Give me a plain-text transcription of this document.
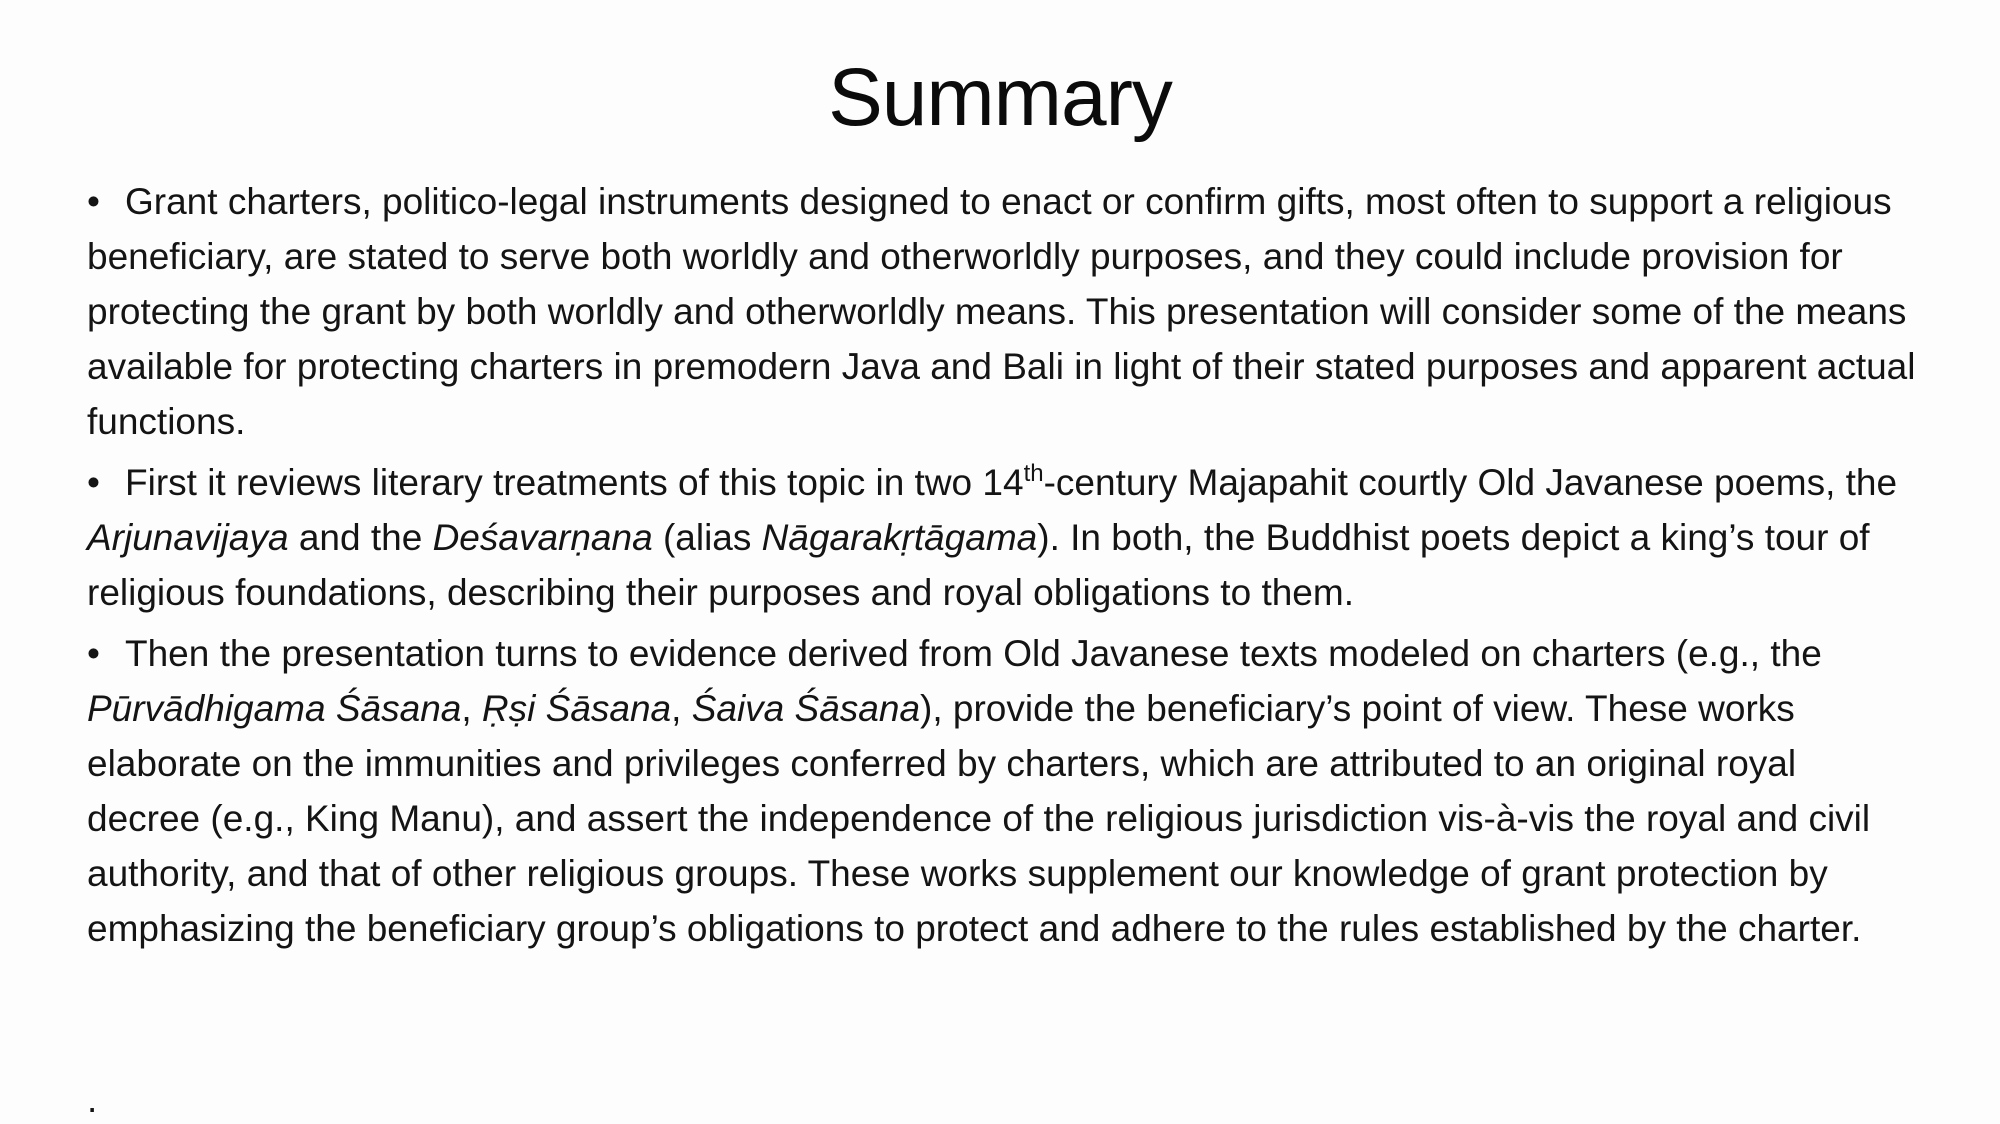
Summary

• Grant charters, politico-legal instruments designed to enact or confirm gifts, most often to support a religious beneficiary, are stated to serve both worldly and otherworldly purposes, and they could include provision for protecting the grant by both worldly and otherworldly means. This presentation will consider some of the means available for protecting charters in premodern Java and Bali in light of their stated purposes and apparent actual functions.

• First it reviews literary treatments of this topic in two 14th-century Majapahit courtly Old Javanese poems, the Arjunavijaya and the Deśavarṇana (alias Nāgarakṛtāgama). In both, the Buddhist poets depict a king’s tour of religious foundations, describing their purposes and royal obligations to them.

• Then the presentation turns to evidence derived from Old Javanese texts modeled on charters (e.g., the Pūrvādhigama Śāsana, Ṛṣi Śāsana, Śaiva Śāsana), provide the beneficiary’s point of view. These works elaborate on the immunities and privileges conferred by charters, which are attributed to an original royal decree (e.g., King Manu), and assert the independence of the religious jurisdiction vis-à-vis the royal and civil authority, and that of other religious groups. These works supplement our knowledge of grant protection by emphasizing the beneficiary group’s obligations to protect and adhere to the rules established by the charter.

.
